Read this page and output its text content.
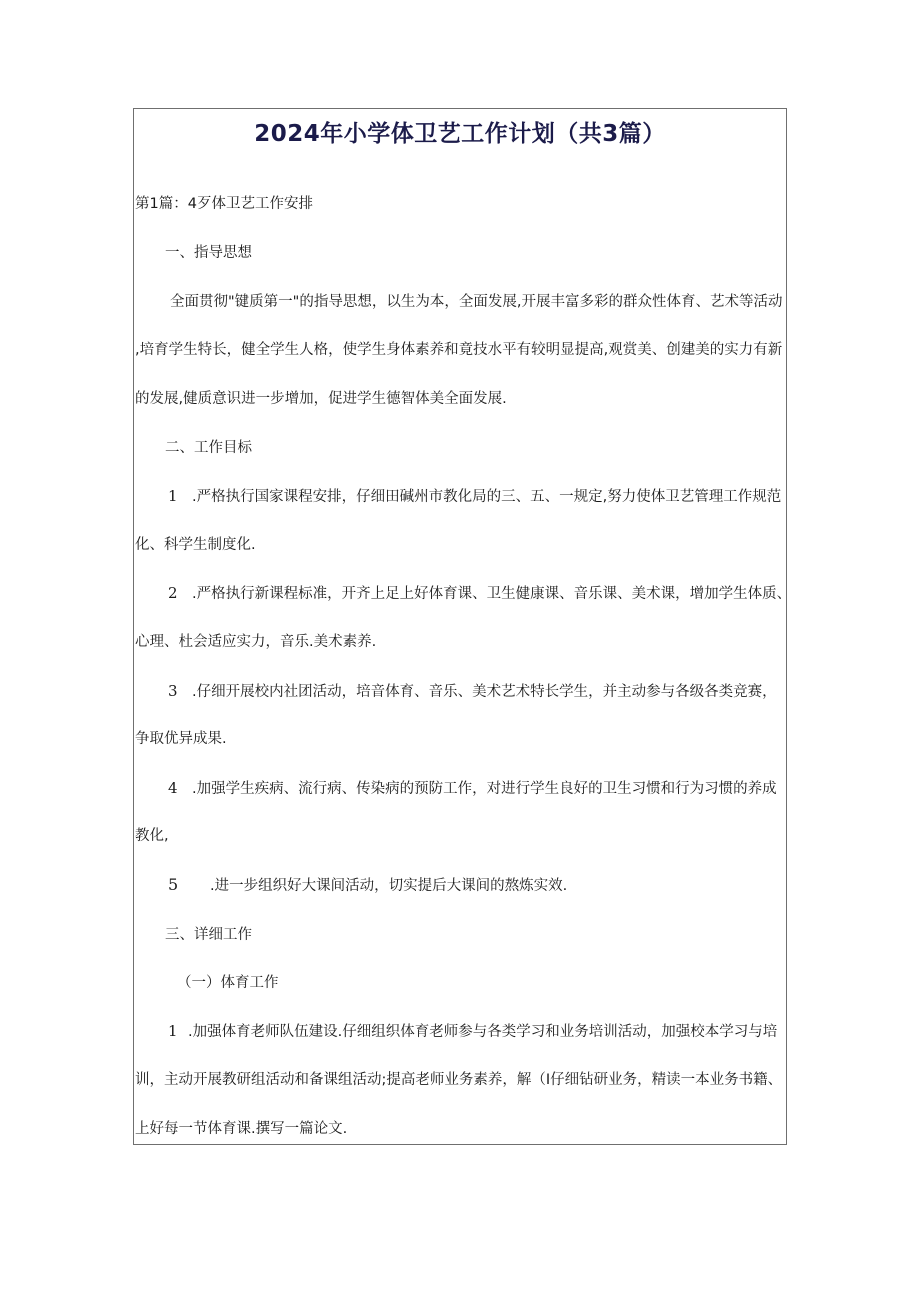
2024年小学体卫艺工作计划（共3篇）

第1篇：4歹体卫艺工作安排

一、指导思想

全面贯彻"键质第一"的指导思想，以生为本，全面发展,开展丰富多彩的群众性体育、艺术等活动

,培育学生特长，健全学生人格，使学生身体素养和竟技水平有较明显提高,观赏美、创建美的实力有新

的发展,健质意识进一步增加，促进学生德智体美全面发展.

二、工作目标

1 .严格执行国家课程安排，仔细田碱州市教化局的三、五、一规定,努力使体卫艺管理工作规范

化、科学生制度化.

2 .严格执行新课程标准，开齐上足上好体育课、卫生健康课、音乐课、美术课，增加学生体质、

心理、杜会适应实力，音乐.美术素养.

3 .仔细开展校内社团活动，培音体育、音乐、美术艺术特长学生，并主动参与各级各类竞赛，

争取优异成果.

4 .加强学生疾病、流行病、传染病的预防工作，对进行学生良好的卫生习惯和行为习惯的养成

教化,

5 .进一步组织好大课间活动，切实提后大课间的熬炼实效.

三、详细工作

（一）体育工作

1 .加强体育老师队伍建设.仔细组织体育老师参与各类学习和业务培训活动，加强校本学习与培

训，主动开展教研组活动和备课组活动;提高老师业务素养，解（I仔细钻研业务，精读一本业务书籍、

上好每一节体育课.撰写一篇论文.
